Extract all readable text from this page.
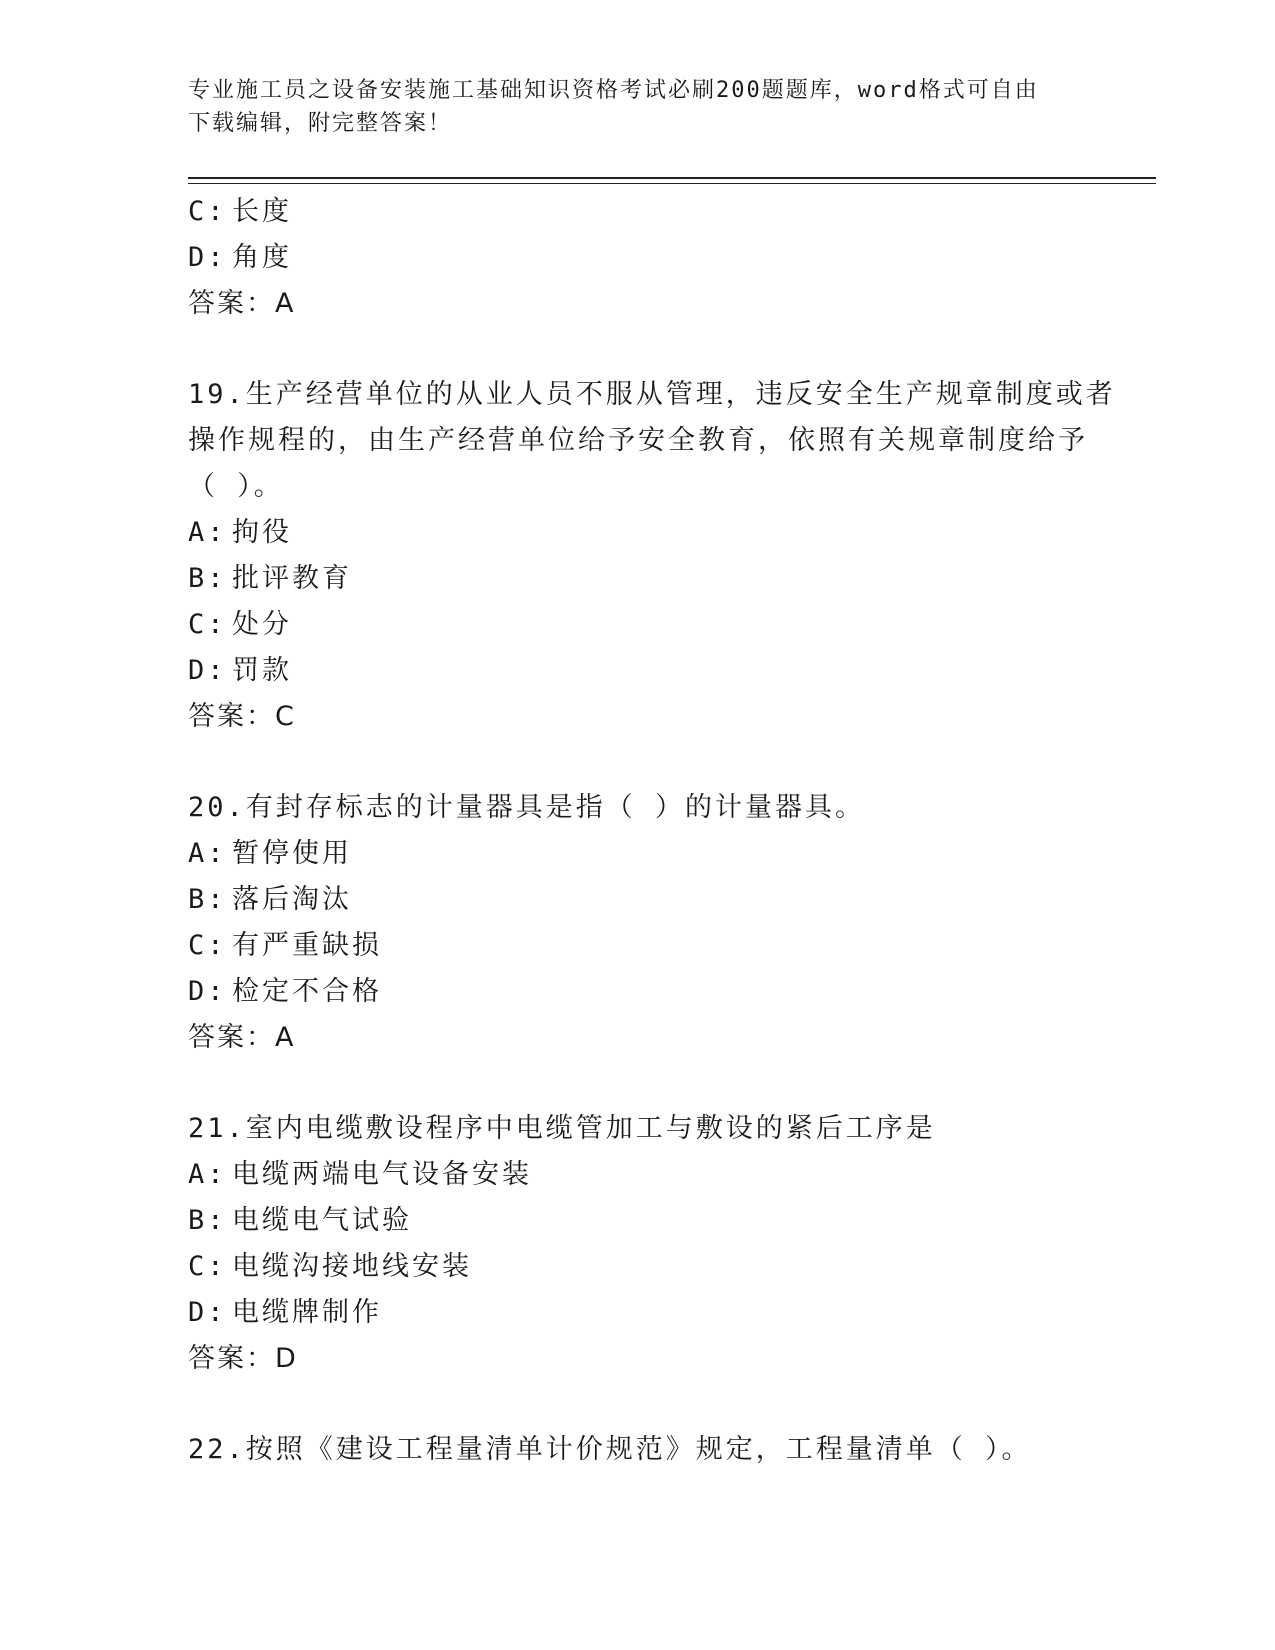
专业施工员之设备安装施工基础知识资格考试必刷200题题库，word格式可自由
下载编辑，附完整答案！
C: 长度
D: 角度
答案：A
19.生产经营单位的从业人员不服从管理，违反安全生产规章制度或者
操作规程的，由生产经营单位给予安全教育，依照有关规章制度给予
（ ）。
A: 拘役
B: 批评教育
C: 处分
D: 罚款
答案：C
20.有封存标志的计量器具是指（ ）的计量器具。
A: 暂停使用
B: 落后淘汰
C: 有严重缺损
D: 检定不合格
答案：A
21.室内电缆敷设程序中电缆管加工与敷设的紧后工序是
A: 电缆两端电气设备安装
B: 电缆电气试验
C: 电缆沟接地线安装
D: 电缆牌制作
答案：D
22.按照《建设工程量清单计价规范》规定，工程量清单（ ）。
